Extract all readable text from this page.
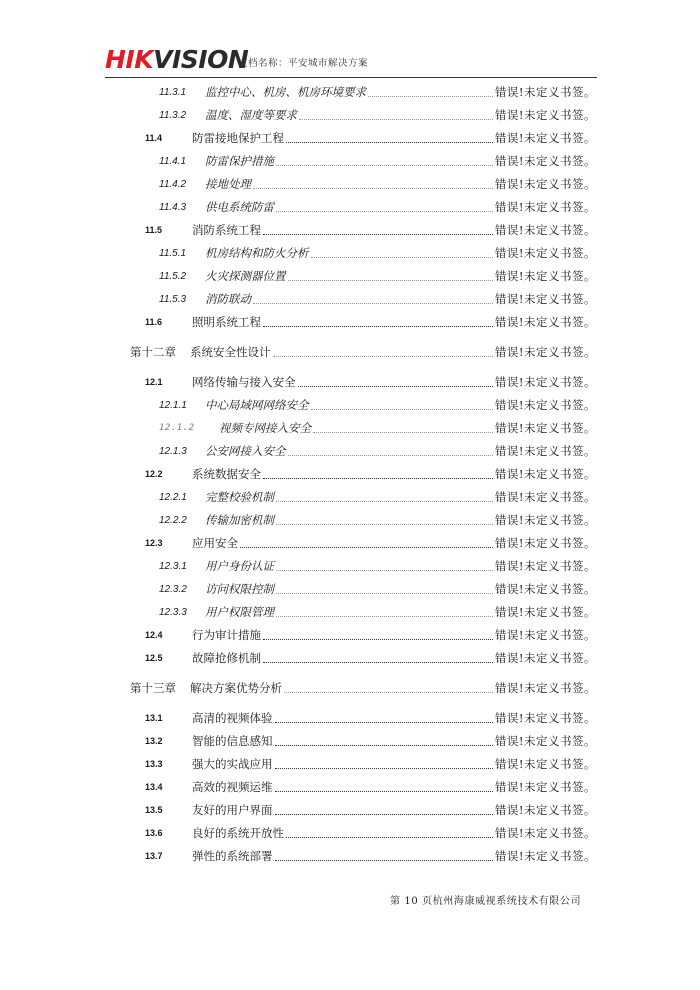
HIKVISION
文档名称：平安城市解决方案
11.3.1	监控中心、机房、机房环境要求	错误!未定义书签。
11.3.2	温度、湿度等要求	错误!未定义书签。
11.4	防雷接地保护工程	错误!未定义书签。
11.4.1	防雷保护措施	错误!未定义书签。
11.4.2	接地处理	错误!未定义书签。
11.4.3	供电系统防雷	错误!未定义书签。
11.5	消防系统工程	错误!未定义书签。
11.5.1	机房结构和防火分析	错误!未定义书签。
11.5.2	火灾探测器位置	错误!未定义书签。
11.5.3	消防联动	错误!未定义书签。
11.6	照明系统工程	错误!未定义书签。
第十二章	系统安全性设计	错误!未定义书签。
12.1	网络传输与接入安全	错误!未定义书签。
12.1.1	中心局域网网络安全	错误!未定义书签。
12.1.2	视频专网接入安全	错误!未定义书签。
12.1.3	公安网接入安全	错误!未定义书签。
12.2	系统数据安全	错误!未定义书签。
12.2.1	完整校验机制	错误!未定义书签。
12.2.2	传输加密机制	错误!未定义书签。
12.3	应用安全	错误!未定义书签。
12.3.1	用户身份认证	错误!未定义书签。
12.3.2	访问权限控制	错误!未定义书签。
12.3.3	用户权限管理	错误!未定义书签。
12.4	行为审计措施	错误!未定义书签。
12.5	故障抢修机制	错误!未定义书签。
第十三章	解决方案优势分析	错误!未定义书签。
13.1	高清的视频体验	错误!未定义书签。
13.2	智能的信息感知	错误!未定义书签。
13.3	强大的实战应用	错误!未定义书签。
13.4	高效的视频运维	错误!未定义书签。
13.5	友好的用户界面	错误!未定义书签。
13.6	良好的系统开放性	错误!未定义书签。
13.7	弹性的系统部署	错误!未定义书签。
第 10 页杭州海康威视系统技术有限公司
